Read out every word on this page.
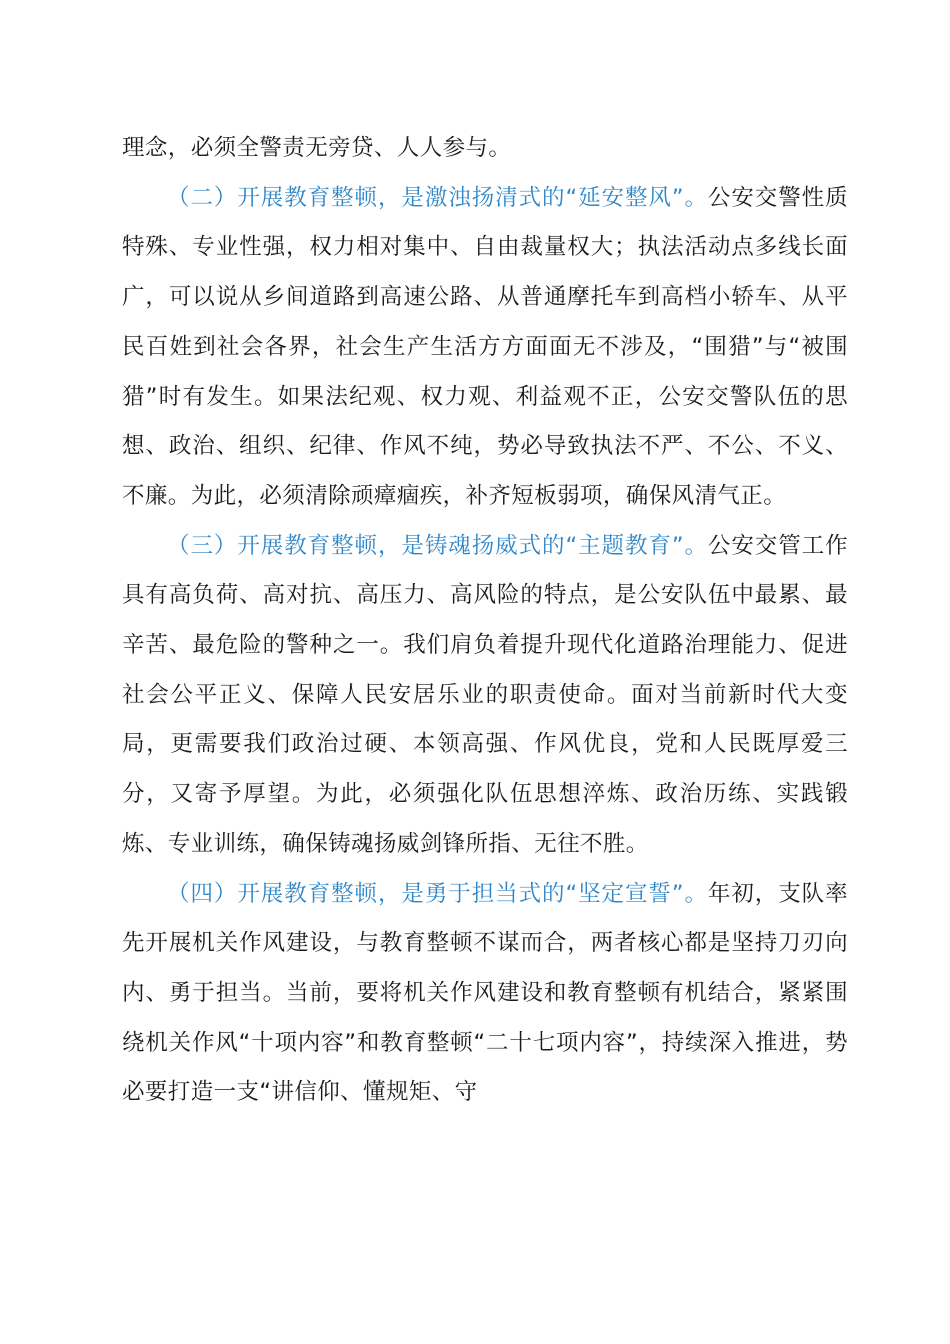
理念，必须全警责无旁贷、人人参与。

（二）开展教育整顿，是激浊扬清式的“延安整风”。公安交警性质特殊、专业性强，权力相对集中、自由裁量权大；执法活动点多线长面广，可以说从乡间道路到高速公路、从普通摩托车到高档小轿车、从平民百姓到社会各界，社会生产生活方方面面无不涉及，“围猎”与“被围猎”时有发生。如果法纪观、权力观、利益观不正，公安交警队伍的思想、政治、组织、纪律、作风不纯，势必导致执法不严、不公、不义、不廉。为此，必须清除顽瘴痼疾，补齐短板弱项，确保风清气正。

（三）开展教育整顿，是铸魂扬威式的“主题教育”。公安交管工作具有高负荷、高对抗、高压力、高风险的特点，是公安队伍中最累、最辛苦、最危险的警种之一。我们肩负着提升现代化道路治理能力、促进社会公平正义、保障人民安居乐业的职责使命。面对当前新时代大变局，更需要我们政治过硬、本领高强、作风优良，党和人民既厚爱三分，又寄予厚望。为此，必须强化队伍思想淬炼、政治历练、实践锻炼、专业训练，确保铸魂扬威剑锋所指、无往不胜。

（四）开展教育整顿，是勇于担当式的“坚定宣誓”。年初，支队率先开展机关作风建设，与教育整顿不谋而合，两者核心都是坚持刀刃向内、勇于担当。当前，要将机关作风建设和教育整顿有机结合，紧紧围绕机关作风“十项内容”和教育整顿“二十七项内容”，持续深入推进，势必要打造一支“讲信仰、懂规矩、守
